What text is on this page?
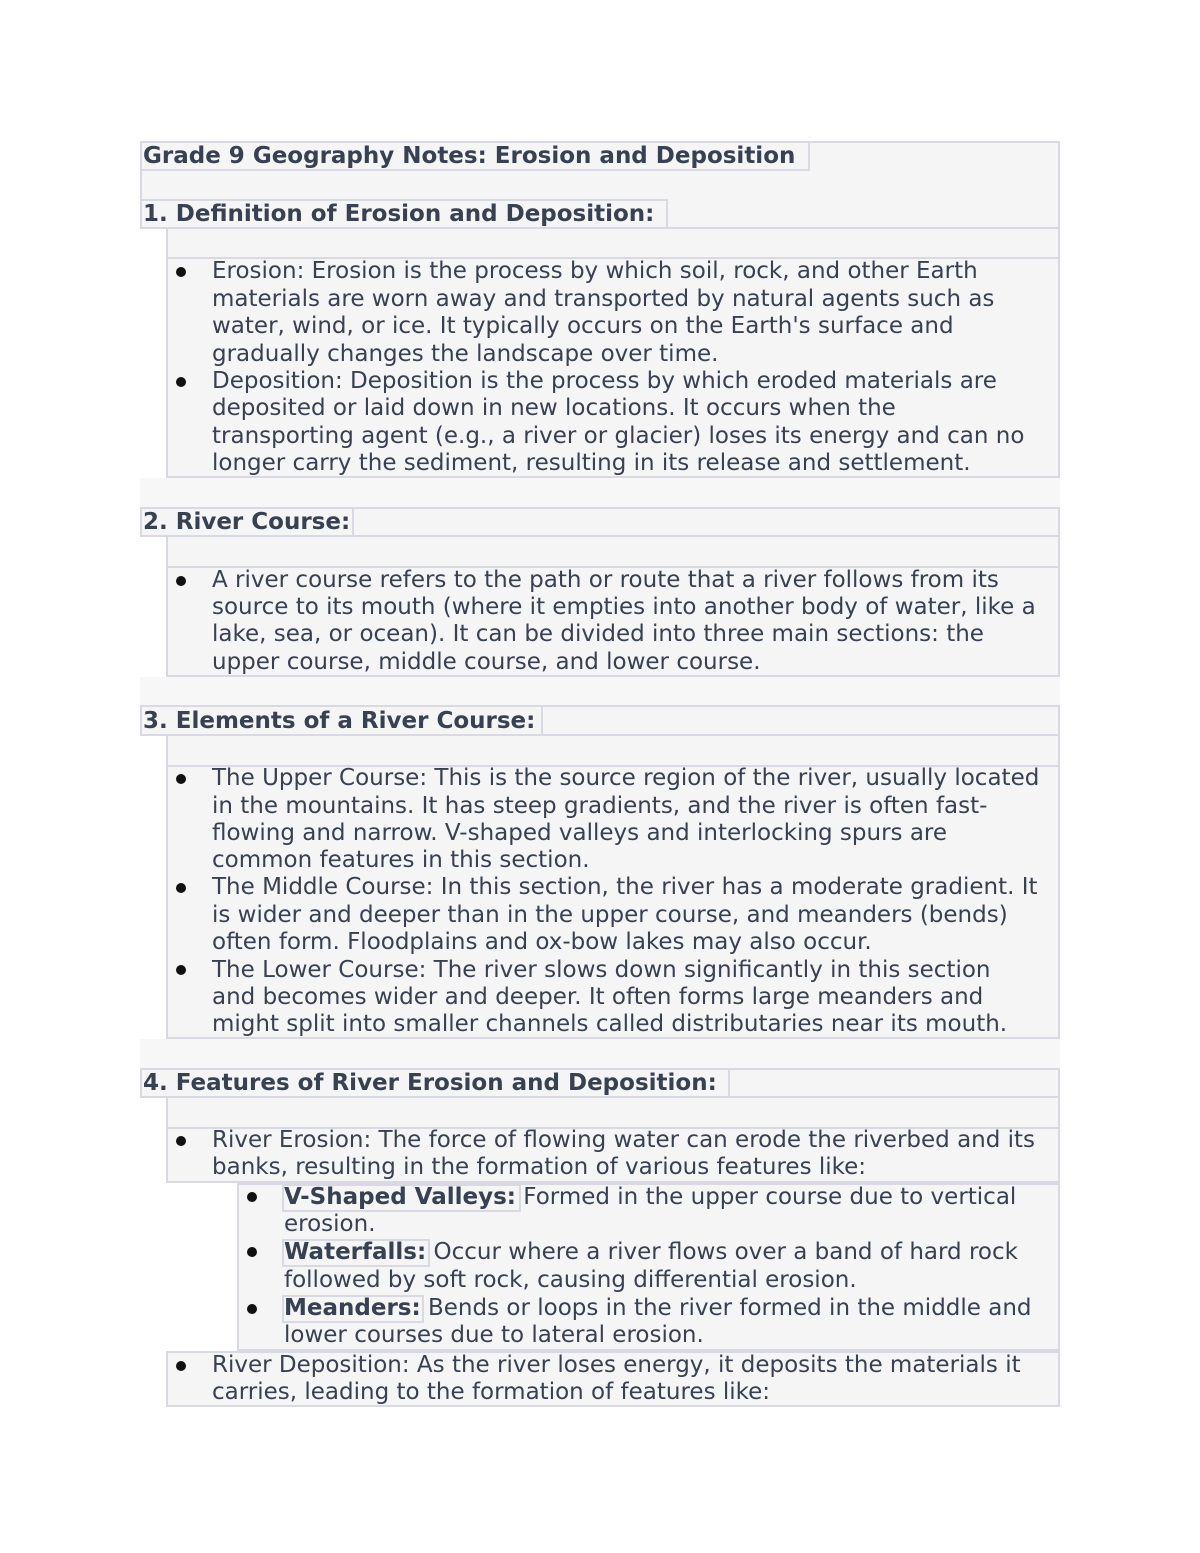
Grade 9 Geography Notes: Erosion and Deposition
1. Definition of Erosion and Deposition:
Erosion: Erosion is the process by which soil, rock, and other Earth
materials are worn away and transported by natural agents such as
water, wind, or ice. It typically occurs on the Earth's surface and
gradually changes the landscape over time.
Deposition: Deposition is the process by which eroded materials are
deposited or laid down in new locations. It occurs when the
transporting agent (e.g., a river or glacier) loses its energy and can no
longer carry the sediment, resulting in its release and settlement.
2. River Course:
A river course refers to the path or route that a river follows from its
source to its mouth (where it empties into another body of water, like a
lake, sea, or ocean). It can be divided into three main sections: the
upper course, middle course, and lower course.
3. Elements of a River Course:
The Upper Course: This is the source region of the river, usually located
in the mountains. It has steep gradients, and the river is often fast-
flowing and narrow. V-shaped valleys and interlocking spurs are
common features in this section.
The Middle Course: In this section, the river has a moderate gradient. It
is wider and deeper than in the upper course, and meanders (bends)
often form. Floodplains and ox-bow lakes may also occur.
The Lower Course: The river slows down significantly in this section
and becomes wider and deeper. It often forms large meanders and
might split into smaller channels called distributaries near its mouth.
4. Features of River Erosion and Deposition:
River Erosion: The force of flowing water can erode the riverbed and its
banks, resulting in the formation of various features like:
V-Shaped Valleys: Formed in the upper course due to vertical
erosion.
Waterfalls: Occur where a river flows over a band of hard rock
followed by soft rock, causing differential erosion.
Meanders: Bends or loops in the river formed in the middle and
lower courses due to lateral erosion.
River Deposition: As the river loses energy, it deposits the materials it
carries, leading to the formation of features like:
